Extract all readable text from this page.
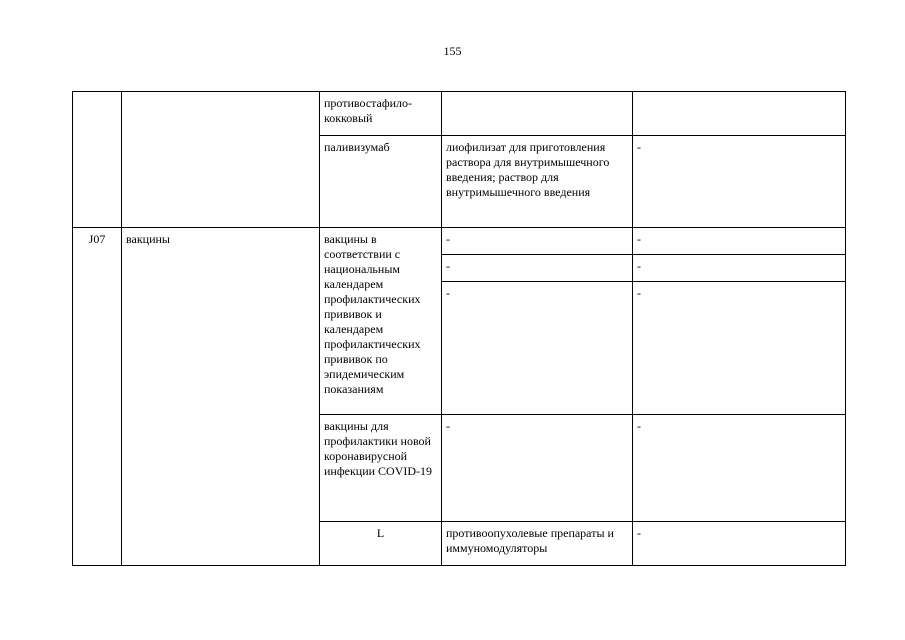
155
		противостафило-кокковый			
		паливизумаб	лиофилизат для приготовления раствора для внутримышечного введения; раствор для внутримышечного введения	-	
J07	вакцины	вакцины в соответствии с национальным календарем профилактических прививок и календарем профилактических прививок по эпидемическим показаниям	-	-	
			-	-	
			-	-	
		вакцины для профилактики новой коронавирусной инфекции COVID-19	-	-	
		L	противоопухолевые препараты и иммуномодуляторы	-		
